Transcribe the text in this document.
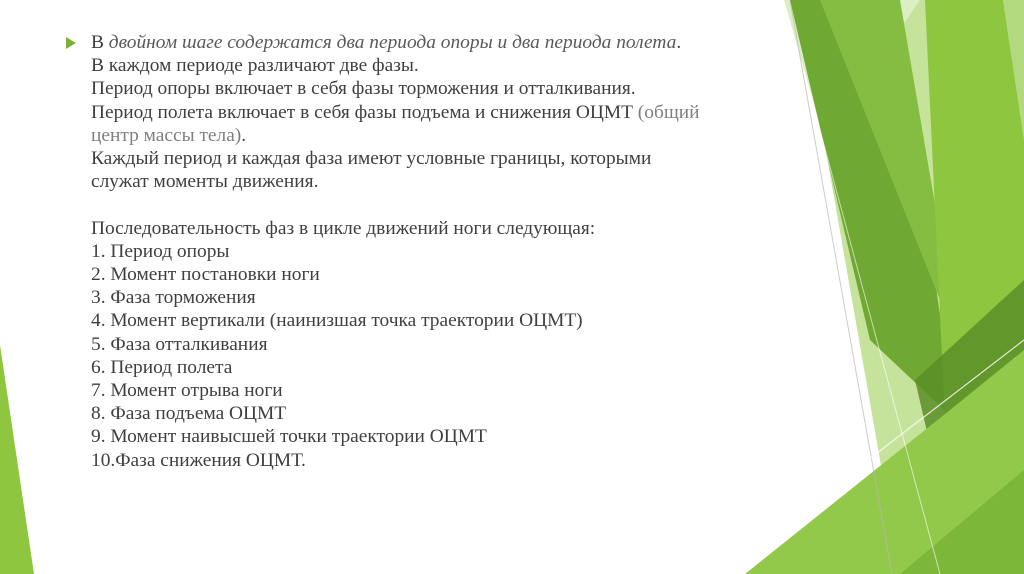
В двойном шаге содержатся два периода опоры и два периода полета.
В каждом периоде различают две фазы.
Период опоры включает в себя фазы торможения и отталкивания.
Период полета включает в себя фазы подъема и снижения ОЦМТ (общий
центр массы тела).
Каждый период и каждая фаза имеют условные границы, которыми
служат моменты движения.
Последовательность фаз в цикле движений ноги следующая:
1. Период опоры
2. Момент постановки ноги
3. Фаза торможения
4. Момент вертикали (наинизшая точка траектории ОЦМТ)
5. Фаза отталкивания
6. Период полета
7. Момент отрыва ноги
8. Фаза подъема ОЦМТ
9. Момент наивысшей точки траектории ОЦМТ
10.Фаза снижения ОЦМТ.
